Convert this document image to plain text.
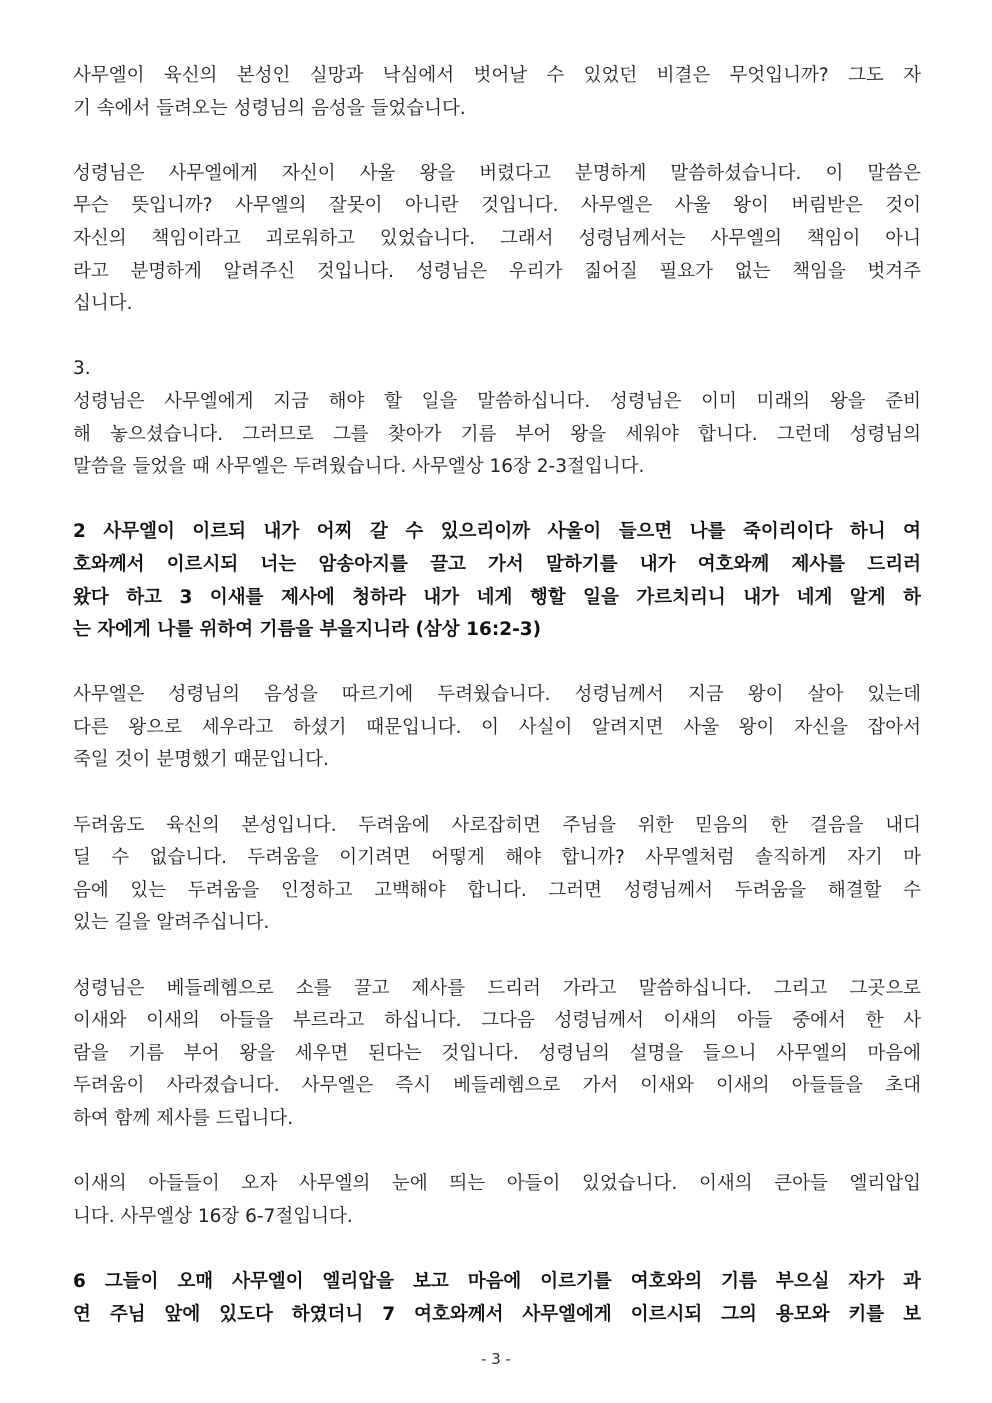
사무엘이 육신의 본성인 실망과 낙심에서 벗어날 수 있었던 비결은 무엇입니까? 그도 자
기 속에서 들려오는 성령님의 음성을 들었습니다.
성령님은 사무엘에게 자신이 사울 왕을 버렸다고 분명하게 말씀하셨습니다. 이 말씀은
무슨 뜻입니까? 사무엘의 잘못이 아니란 것입니다. 사무엘은 사울 왕이 버림받은 것이
자신의 책임이라고 괴로워하고 있었습니다. 그래서 성령님께서는 사무엘의 책임이 아니
라고 분명하게 알려주신 것입니다. 성령님은 우리가 짊어질 필요가 없는 책임을 벗겨주
십니다.
3.
성령님은 사무엘에게 지금 해야 할 일을 말씀하십니다. 성령님은 이미 미래의 왕을 준비
해 놓으셨습니다. 그러므로 그를 찾아가 기름 부어 왕을 세워야 합니다. 그런데 성령님의
말씀을 들었을 때 사무엘은 두려웠습니다. 사무엘상 16장 2-3절입니다.
2 사무엘이 이르되 내가 어찌 갈 수 있으리이까 사울이 들으면 나를 죽이리이다 하니 여
호와께서 이르시되 너는 암송아지를 끌고 가서 말하기를 내가 여호와께 제사를 드리러
왔다 하고 3 이새를 제사에 청하라 내가 네게 행할 일을 가르치리니 내가 네게 알게 하
는 자에게 나를 위하여 기름을 부을지니라 (삼상 16:2-3)
사무엘은 성령님의 음성을 따르기에 두려웠습니다. 성령님께서 지금 왕이 살아 있는데
다른 왕으로 세우라고 하셨기 때문입니다. 이 사실이 알려지면 사울 왕이 자신을 잡아서
죽일 것이 분명했기 때문입니다.
두려움도 육신의 본성입니다. 두려움에 사로잡히면 주님을 위한 믿음의 한 걸음을 내디
딜 수 없습니다. 두려움을 이기려면 어떻게 해야 합니까? 사무엘처럼 솔직하게 자기 마
음에 있는 두려움을 인정하고 고백해야 합니다. 그러면 성령님께서 두려움을 해결할 수
있는 길을 알려주십니다.
성령님은 베들레헴으로 소를 끌고 제사를 드리러 가라고 말씀하십니다. 그리고 그곳으로
이새와 이새의 아들을 부르라고 하십니다. 그다음 성령님께서 이새의 아들 중에서 한 사
람을 기름 부어 왕을 세우면 된다는 것입니다. 성령님의 설명을 들으니 사무엘의 마음에
두려움이 사라졌습니다. 사무엘은 즉시 베들레헴으로 가서 이새와 이새의 아들들을 초대
하여 함께 제사를 드립니다.
이새의 아들들이 오자 사무엘의 눈에 띄는 아들이 있었습니다. 이새의 큰아들 엘리압입
니다. 사무엘상 16장 6-7절입니다.
6 그들이 오매 사무엘이 엘리압을 보고 마음에 이르기를 여호와의 기름 부으실 자가 과
연 주님 앞에 있도다 하였더니 7 여호와께서 사무엘에게 이르시되 그의 용모와 키를 보
- 3 -
